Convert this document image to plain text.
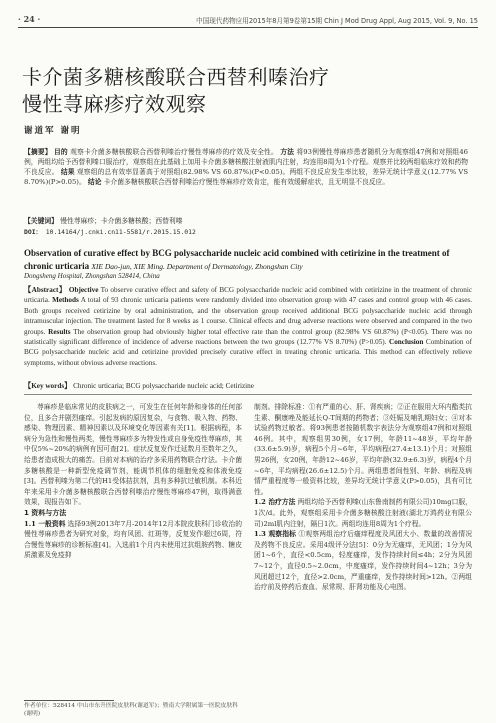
· 24 ·	中国现代药物应用2015年8月第9卷第15期 Chin J Mod Drug Appl, Aug 2015, Vol. 9, No. 15
卡介菌多糖核酸联合西替利嗪治疗
慢性荨麻疹疗效观察
谢道军 谢明
【摘要】 目的 观察卡介菌多糖核酸联合西替利嗪治疗慢性荨麻疹的疗效及安全性。 方法 将93例慢性荨麻疹患者随机分为观察组47例和对照组46例，两组均给予西替利嗪口服治疗，观察组在此基础上加用卡介菌多糖核酸注射液肌内注射，均连用8周为1个疗程。观察并比较两组临床疗效和药物不良反应。 结果 观察组的总有效率显著高于对照组(82.98% VS 60.87%)(P<0.05)。两组不良反应发生率比较，差异无统计学意义(12.77% VS 8.70%)(P>0.05)。 结论 卡介菌多糖核酸联合西替利嗪治疗慢性荨麻疹疗效肯定，能有效缓解症状，且无明显不良反应。
【关键词】 慢性荨麻疹；卡介菌多糖核酸；西替利嗪
DOI： 10.14164/j.cnki.cn11-5581/r.2015.15.012
Observation of curative effect by BCG polysaccharide nucleic acid combined with cetirizine in the treatment of chronic urticaria XIE Dao-jun, XIE Ming. Department of Dermatology, Zhongshan City
Dongsheng Hospital, Zhongshan 528414, China
【Abstract】 Objective To observe curative effect and safety of BCG polysaccharide nucleic acid combined with cetirizine in the treatment of chronic urticaria. Methods A total of 93 chronic urticaria patients were randomly divided into observation group with 47 cases and control group with 46 cases. Both groups received cetirizine by oral administration, and the observation group received additional BCG polysaccharide nucleic acid through intramuscular injection. The treatment lasted for 8 weeks as 1 course. Clinical effects and drug adverse reactions were observed and compared in the two groups. Results The observation group had obviously higher total effective rate than the control group (82.98% VS 60.87%) (P<0.05). There was no statistically significant difference of incidence of adverse reactions between the two groups (12.77% VS 8.70%) (P>0.05). Conclusion Combination of BCG polysaccharide nucleic acid and cetirizine provided precisely curative effect in treating chronic urticaria. This method can effectively relieve symptoms, without obvious adverse reactions.
【Key words】 Chronic urticaria; BCG polysaccharide nucleic acid; Cetirizine

荨麻疹是临床常见的皮肤病之一，可发生在任何年龄和身体的任何部位，且多合并剧烈瘙痒。引起发病的原因复杂，与食物、吸入物、药物、感染、物理因素、精神因素以及环境变化等因素有关[1]。根据病程，本病分为急性和慢性两类，慢性荨麻疹多为特发性或自身免疫性荨麻疹，其中仅5%~20%的病例有因可查[2]。症状反复发作迁延数月至数年之久，给患者造成极大的痛苦。目前对本病的治疗多采用药物联合疗法。卡介菌多糖核酸是一种新型免疫调节剂，能调节机体的细胞免疫和体液免疫[3]。西替利嗪为第二代的H1受体拮抗剂，具有多种抗过敏机制。本科近年来采用卡介菌多糖核酸联合西替利嗪治疗慢性荨麻疹47例，取得满意效果，现报告如下。

1 资料与方法

1.1 一般资料 选择93例2013年7月-2014年12月本院皮肤科门诊收治的慢性荨麻疹患者为研究对象，均有风团、红斑等，反复发作超过6周，符合慢性荨麻疹的诊断标准[4]。入选前1个月内未使用过抗组胺药物、糖皮质激素及免疫抑

制剂。排除标准：①有严重的心、肝、肾疾病；②正在服用大环内酯类抗生素、酮康唑及能延长Q-T间期的药物者；③妊娠及哺乳期妇女；④对本试验药物过敏者。将93例患者按随机数字表法分为观察组47例和对照组46例。其中，观察组男30例，女17例，年龄11~48岁，平均年龄(33.6±5.9)岁，病程5个月~6年，平均病程(27.4±13.1)个月；对照组男26例，女20例，年龄12~46岁，平均年龄(32.9±6.3)岁，病程4个月~6年，平均病程(26.6±12.5)个月。两组患者间性别、年龄、病程及病情严重程度等一般资料比较，差异均无统计学意义(P>0.05)，具有可比性。

1.2 治疗方法 两组均给予西替利嗪(山东鲁南制药有限公司)10mg口服，1次/d。此外，观察组采用卡介菌多糖核酸注射液(湖北万鸿药业有限公司)2ml肌内注射，隔日1次。两组均连用8周为1个疗程。

1.3 观察指标 ①观察两组治疗后瘙痒程度及风团大小、数量的改善情况及药物不良反应。采用4级评分法[5]：0分为无瘙痒，无风团；1分为风团1~6个，直径<0.5cm，轻度瘙痒，发作持续时间≤4h；2分为风团7~12个，直径0.5~2.0cm，中度瘙痒，发作持续时间4~12h；3分为风团超过12个，直径>2.0cm，严重瘙痒，发作持续时间>12h。②两组治疗前及停药后查血、尿常规、肝肾功能及心电图。

作者单位：528414 中山市东升医院皮肤科(谢道军)；暨南大学附属第一医院皮肤科(谢明)
